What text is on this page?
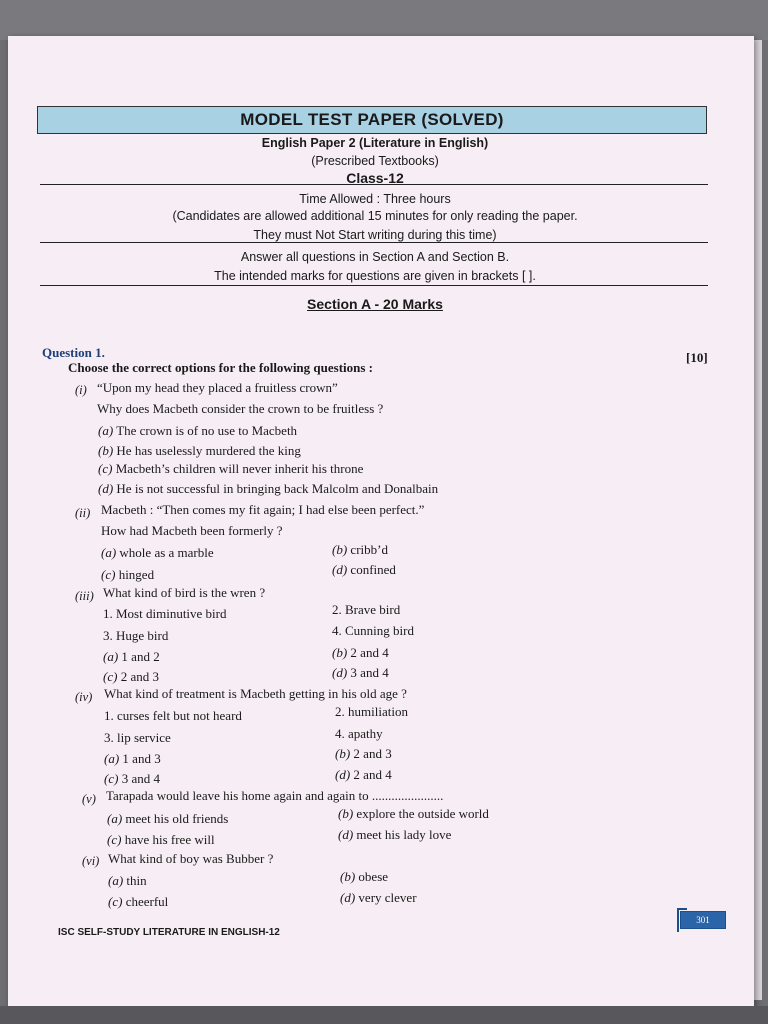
MODEL TEST PAPER (SOLVED)
English Paper 2 (Literature in English)
(Prescribed Textbooks)
Class-12
Time Allowed : Three hours
(Candidates are allowed additional 15 minutes for only reading the paper.
They must Not Start writing during this time)
Answer all questions in Section A and Section B.
The intended marks for questions are given in brackets [ ].
Section A - 20 Marks
Question 1.	[10]
Choose the correct options for the following questions :
(i) “Upon my head they placed a fruitless crown”
Why does Macbeth consider the crown to be fruitless ?
(a) The crown is of no use to Macbeth
(b) He has uselessly murdered the king
(c) Macbeth’s children will never inherit his throne
(d) He is not successful in bringing back Malcolm and Donalbain
(ii) Macbeth : “Then comes my fit again; I had else been perfect.”
How had Macbeth been formerly ?
(a) whole as a marble	(b) cribb’d
(c) hinged	(d) confined
(iii) What kind of bird is the wren ?
1. Most diminutive bird	2. Brave bird
3. Huge bird	4. Cunning bird
(a) 1 and 2	(b) 2 and 4
(c) 2 and 3	(d) 3 and 4
(iv) What kind of treatment is Macbeth getting in his old age ?
1. curses felt but not heard	2. humiliation
3. lip service	4. apathy
(a) 1 and 3	(b) 2 and 3
(c) 3 and 4	(d) 2 and 4
(v) Tarapada would leave his home again and again to ......................
(a) meet his old friends	(b) explore the outside world
(c) have his free will	(d) meet his lady love
(vi) What kind of boy was Bubber ?
(a) thin	(b) obese
(c) cheerful	(d) very clever
ISC SELF-STUDY LITERATURE IN ENGLISH-12
301
